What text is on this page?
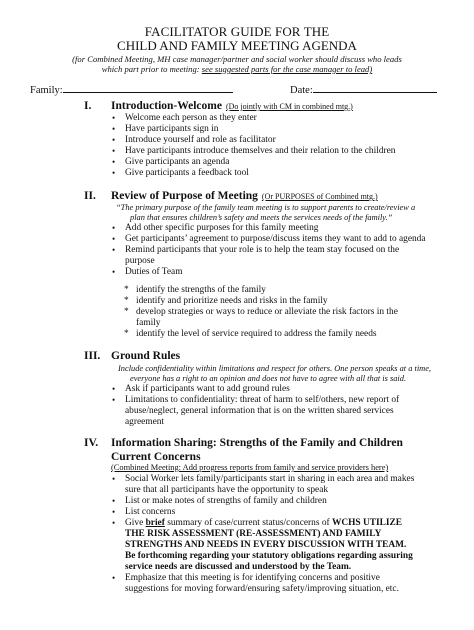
FACILITATOR GUIDE FOR THE
CHILD AND FAMILY MEETING AGENDA
(for Combined Meeting, MH case manager/partner and social worker should discuss who leads
which part prior to meeting: see suggested parts for the case manager to lead)
Family:	Date:
I. Introduction-Welcome (Do jointly with CM in combined mtg.)
• Welcome each person as they enter
• Have participants sign in
• Introduce yourself and role as facilitator
• Have participants introduce themselves and their relation to the children
• Give participants an agenda
• Give participants a feedback tool
II. Review of Purpose of Meeting (Or PURPOSES of Combined mtg.)
“The primary purpose of the family team meeting is to support parents to create/review a
plan that ensures children’s safety and meets the services needs of the family.”
• Add other specific purposes for this family meeting
• Get participants’ agreement to purpose/discuss items they want to add to agenda
• Remind participants that your role is to help the team stay focused on the purpose
• Duties of Team
* identify the strengths of the family
* identify and prioritize needs and risks in the family
* develop strategies or ways to reduce or alleviate the risk factors in the family
* identify the level of service required to address the family needs
III. Ground Rules
Include confidentiality within limitations and respect for others. One person speaks at a time,
everyone has a right to an opinion and does not have to agree with all that is said.
• Ask if participants want to add ground rules
• Limitations to confidentiality: threat of harm to self/others, new report of abuse/neglect, general information that is on the written shared services agreement
IV. Information Sharing: Strengths of the Family and Children
Current Concerns
(Combined Meeting: Add progress reports from family and service providers here)
• Social Worker lets family/participants start in sharing in each area and makes sure that all participants have the opportunity to speak
• List or make notes of strengths of family and children
• List concerns
• Give brief summary of case/current status/concerns of WCHS UTILIZE THE RISK ASSESSMENT (RE-ASSESSMENT) AND FAMILY STRENGTHS AND NEEDS IN EVERY DISCUSSION WITH TEAM. Be forthcoming regarding your statutory obligations regarding assuring service needs are discussed and understood by the Team.
• Emphasize that this meeting is for identifying concerns and positive suggestions for moving forward/ensuring safety/improving situation, etc.
